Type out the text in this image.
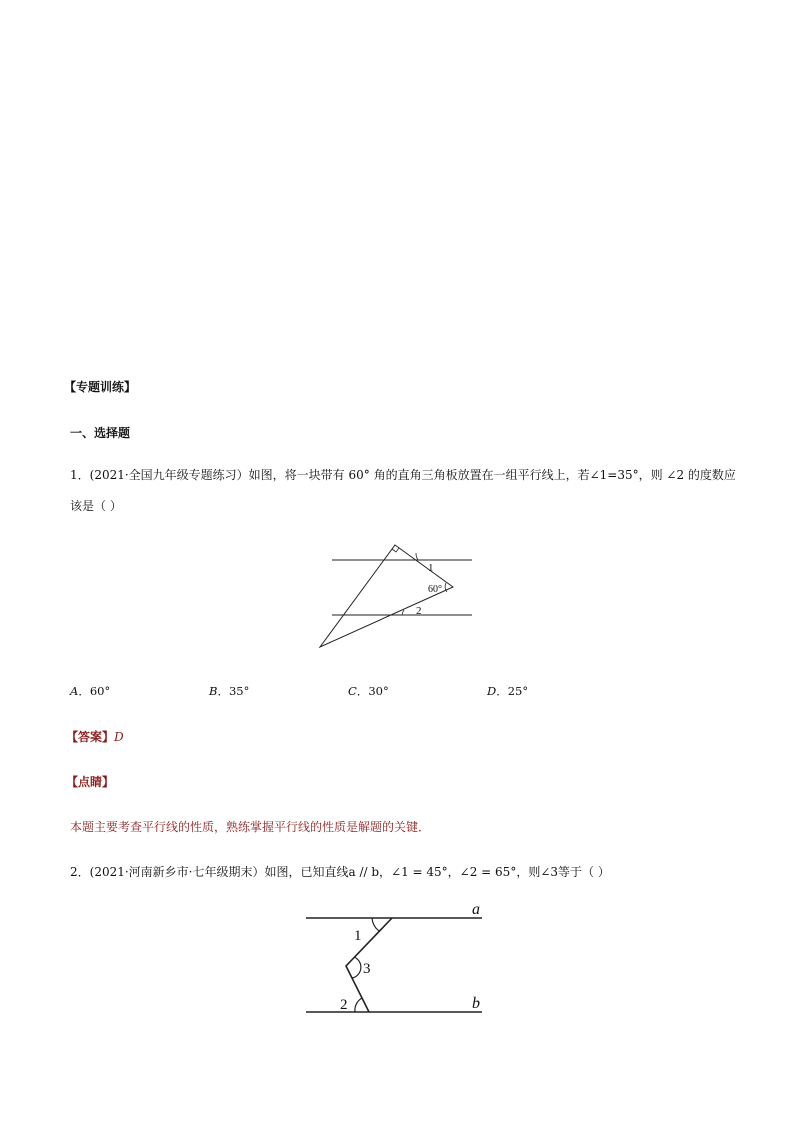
【专题训练】
一、选择题
1．(2021·全国九年级专题练习）如图，将一块带有 60° 角的直角三角板放置在一组平行线上，若∠1=35°，则 ∠2 的度数应
该是（ ）
1
60°
2
A．60°	B．35°	C．30°	D．25°
【答案】D
【点睛】
本题主要考查平行线的性质，熟练掌握平行线的性质是解题的关键．
2．(2021·河南新乡市·七年级期末）如图，已知直线a // b，∠1 = 45°，∠2 = 65°，则∠3等于（ ）
a
b
1
3
2
